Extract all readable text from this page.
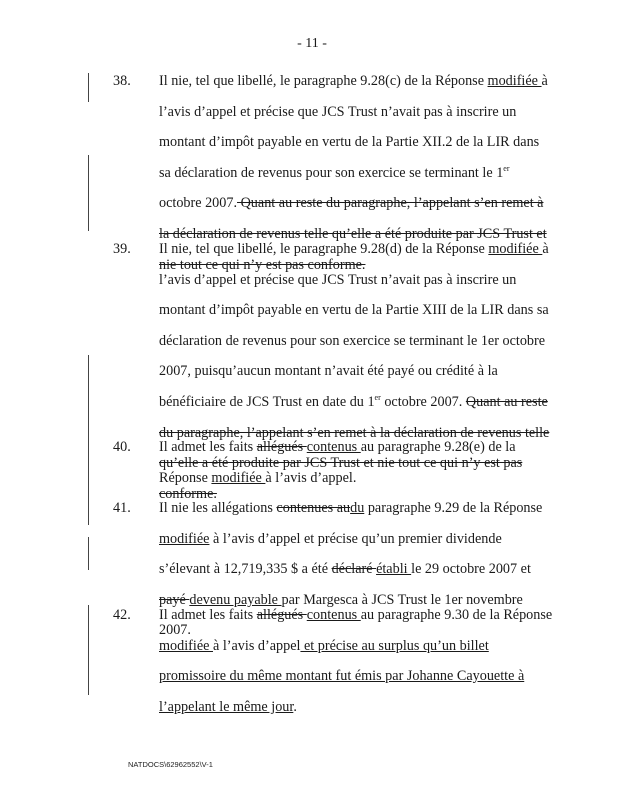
- 11 -
38. Il nie, tel que libellé, le paragraphe 9.28(c) de la Réponse modifiée à l’avis d’appel et précise que JCS Trust n’avait pas à inscrire un montant d’impôt payable en vertu de la Partie XII.2 de la LIR dans sa déclaration de revenus pour son exercice se terminant le 1er octobre 2007. Quant au reste du paragraphe, l’appelant s’en remet à la déclaration de revenus telle qu’elle a été produite par JCS Trust et nie tout ce qui n’y est pas conforme.
39. Il nie, tel que libellé, le paragraphe 9.28(d) de la Réponse modifiée à l’avis d’appel et précise que JCS Trust n’avait pas à inscrire un montant d’impôt payable en vertu de la Partie XIII de la LIR dans sa déclaration de revenus pour son exercice se terminant le 1er octobre 2007, puisqu’aucun montant n’avait été payé ou crédité à la bénéficiaire de JCS Trust en date du 1er octobre 2007. Quant au reste du paragraphe, l’appelant s’en remet à la déclaration de revenus telle qu’elle a été produite par JCS Trust et nie tout ce qui n’y est pas conforme.
40. Il admet les faits allégués contenus au paragraphe 9.28(e) de la Réponse modifiée à l’avis d’appel.
41. Il nie les allégations contenues audu paragraphe 9.29 de la Réponse modifiée à l’avis d’appel et précise qu’un premier dividende s’élevant à 12,719,335 $ a été déclaré établi le 29 octobre 2007 et payé devenu payable par Margesca à JCS Trust le 1er novembre 2007.
42. Il admet les faits allégués contenus au paragraphe 9.30 de la Réponse modifiée à l’avis d’appel et précise au surplus qu’un billet promissoire du même montant fut émis par Johanne Cayouette à l’appelant le même jour.
NATDOCS\62962552\V-1
